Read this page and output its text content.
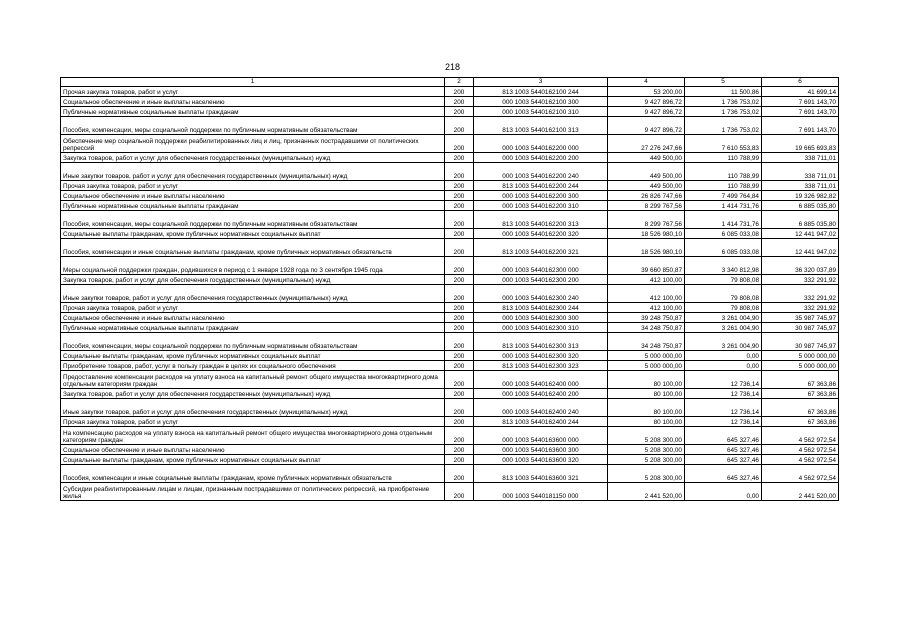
218
1	2	3	4	5	6
Прочая закупка товаров, работ и услуг	200	813 1003 5440162100 244	53 200,00	11 500,86	41 699,14
Социальное обеспечение и иные выплаты населению	200	000 1003 5440162100 300	9 427 896,72	1 736 753,02	7 691 143,70
Публичные нормативные социальные выплаты гражданам	200	000 1003 5440162100 310	9 427 896,72	1 736 753,02	7 691 143,70
Пособия, компенсации, меры социальной поддержки по публичным нормативным обязательствам	200	813 1003 5440162100 313	9 427 896,72	1 736 753,02	7 691 143,70
Обеспечение мер социальной поддержки реабилитированных лиц и лиц, признанных пострадавшими от политических репрессий	200	000 1003 5440162200 000	27 276 247,66	7 610 553,83	19 665 693,83
Закупка товаров, работ и услуг для обеспечения государственных (муниципальных) нужд	200	000 1003 5440162200 200	449 500,00	110 788,99	338 711,01
Иные закупки товаров, работ и услуг для обеспечения государственных (муниципальных) нужд	200	000 1003 5440162200 240	449 500,00	110 788,99	338 711,01
Прочая закупка товаров, работ и услуг	200	813 1003 5440162200 244	449 500,00	110 788,99	338 711,01
Социальное обеспечение и иные выплаты населению	200	000 1003 5440162200 300	26 826 747,66	7 499 764,84	19 326 982,82
Публичные нормативные социальные выплаты гражданам	200	000 1003 5440162200 310	8 299 767,56	1 414 731,76	6 885 035,80
Пособия, компенсации, меры социальной поддержки по публичным нормативным обязательствам	200	813 1003 5440162200 313	8 299 767,56	1 414 731,76	6 885 035,80
Социальные выплаты гражданам, кроме публичных нормативных социальных выплат	200	000 1003 5440162200 320	18 526 980,10	6 085 033,08	12 441 947,02
Пособия, компенсации и иные социальные выплаты гражданам, кроме публичных нормативных обязательств	200	813 1003 5440162200 321	18 526 980,10	6 085 033,08	12 441 947,02
Меры социальной поддержки граждан, родившихся в период с 1 января 1928 года по 3 сентября 1945 года	200	000 1003 5440162300 000	39 660 850,87	3 340 812,98	36 320 037,89
Закупка товаров, работ и услуг для обеспечения государственных (муниципальных) нужд	200	000 1003 5440162300 200	412 100,00	79 808,08	332 291,92
Иные закупки товаров, работ и услуг для обеспечения государственных (муниципальных) нужд	200	000 1003 5440162300 240	412 100,00	79 808,08	332 291,92
Прочая закупка товаров, работ и услуг	200	813 1003 5440162300 244	412 100,00	79 808,08	332 291,92
Социальное обеспечение и иные выплаты населению	200	000 1003 5440162300 300	39 248 750,87	3 261 004,90	35 987 745,97
Публичные нормативные социальные выплаты гражданам	200	000 1003 5440162300 310	34 248 750,87	3 261 004,90	30 987 745,97
Пособия, компенсации, меры социальной поддержки по публичным нормативным обязательствам	200	813 1003 5440162300 313	34 248 750,87	3 261 004,90	30 987 745,97
Социальные выплаты гражданам, кроме публичных нормативных социальных выплат	200	000 1003 5440162300 320	5 000 000,00	0,00	5 000 000,00
Приобретение товаров, работ, услуг в пользу граждан в целях их социального обеспечения	200	813 1003 5440162300 323	5 000 000,00	0,00	5 000 000,00
Предоставление компенсации расходов на уплату взноса на капитальный ремонт общего имущества многоквартирного дома отдельным категориям граждан	200	000 1003 5440162400 000	80 100,00	12 736,14	67 363,86
Закупка товаров, работ и услуг для обеспечения государственных (муниципальных) нужд	200	000 1003 5440162400 200	80 100,00	12 736,14	67 363,86
Иные закупки товаров, работ и услуг для обеспечения государственных (муниципальных) нужд	200	000 1003 5440162400 240	80 100,00	12 736,14	67 363,86
Прочая закупка товаров, работ и услуг	200	813 1003 5440162400 244	80 100,00	12 736,14	67 363,86
На компенсацию расходов на уплату взноса на капитальный ремонт общего имущества многоквартирного дома отдельным категориям граждан	200	000 1003 5440163600 000	5 208 300,00	645 327,46	4 562 972,54
Социальное обеспечение и иные выплаты населению	200	000 1003 5440163600 300	5 208 300,00	645 327,46	4 562 972,54
Социальные выплаты гражданам, кроме публичных нормативных социальных выплат	200	000 1003 5440163600 320	5 208 300,00	645 327,46	4 562 972,54
Пособия, компенсации и иные социальные выплаты гражданам, кроме публичных нормативных обязательств	200	813 1003 5440163600 321	5 208 300,00	645 327,46	4 562 972,54
Субсидии реабилитированным лицам и лицам, признанным пострадавшими от политических репрессий, на приобретение жилья	200	000 1003 5440181150 000	2 441 520,00	0,00	2 441 520,00
